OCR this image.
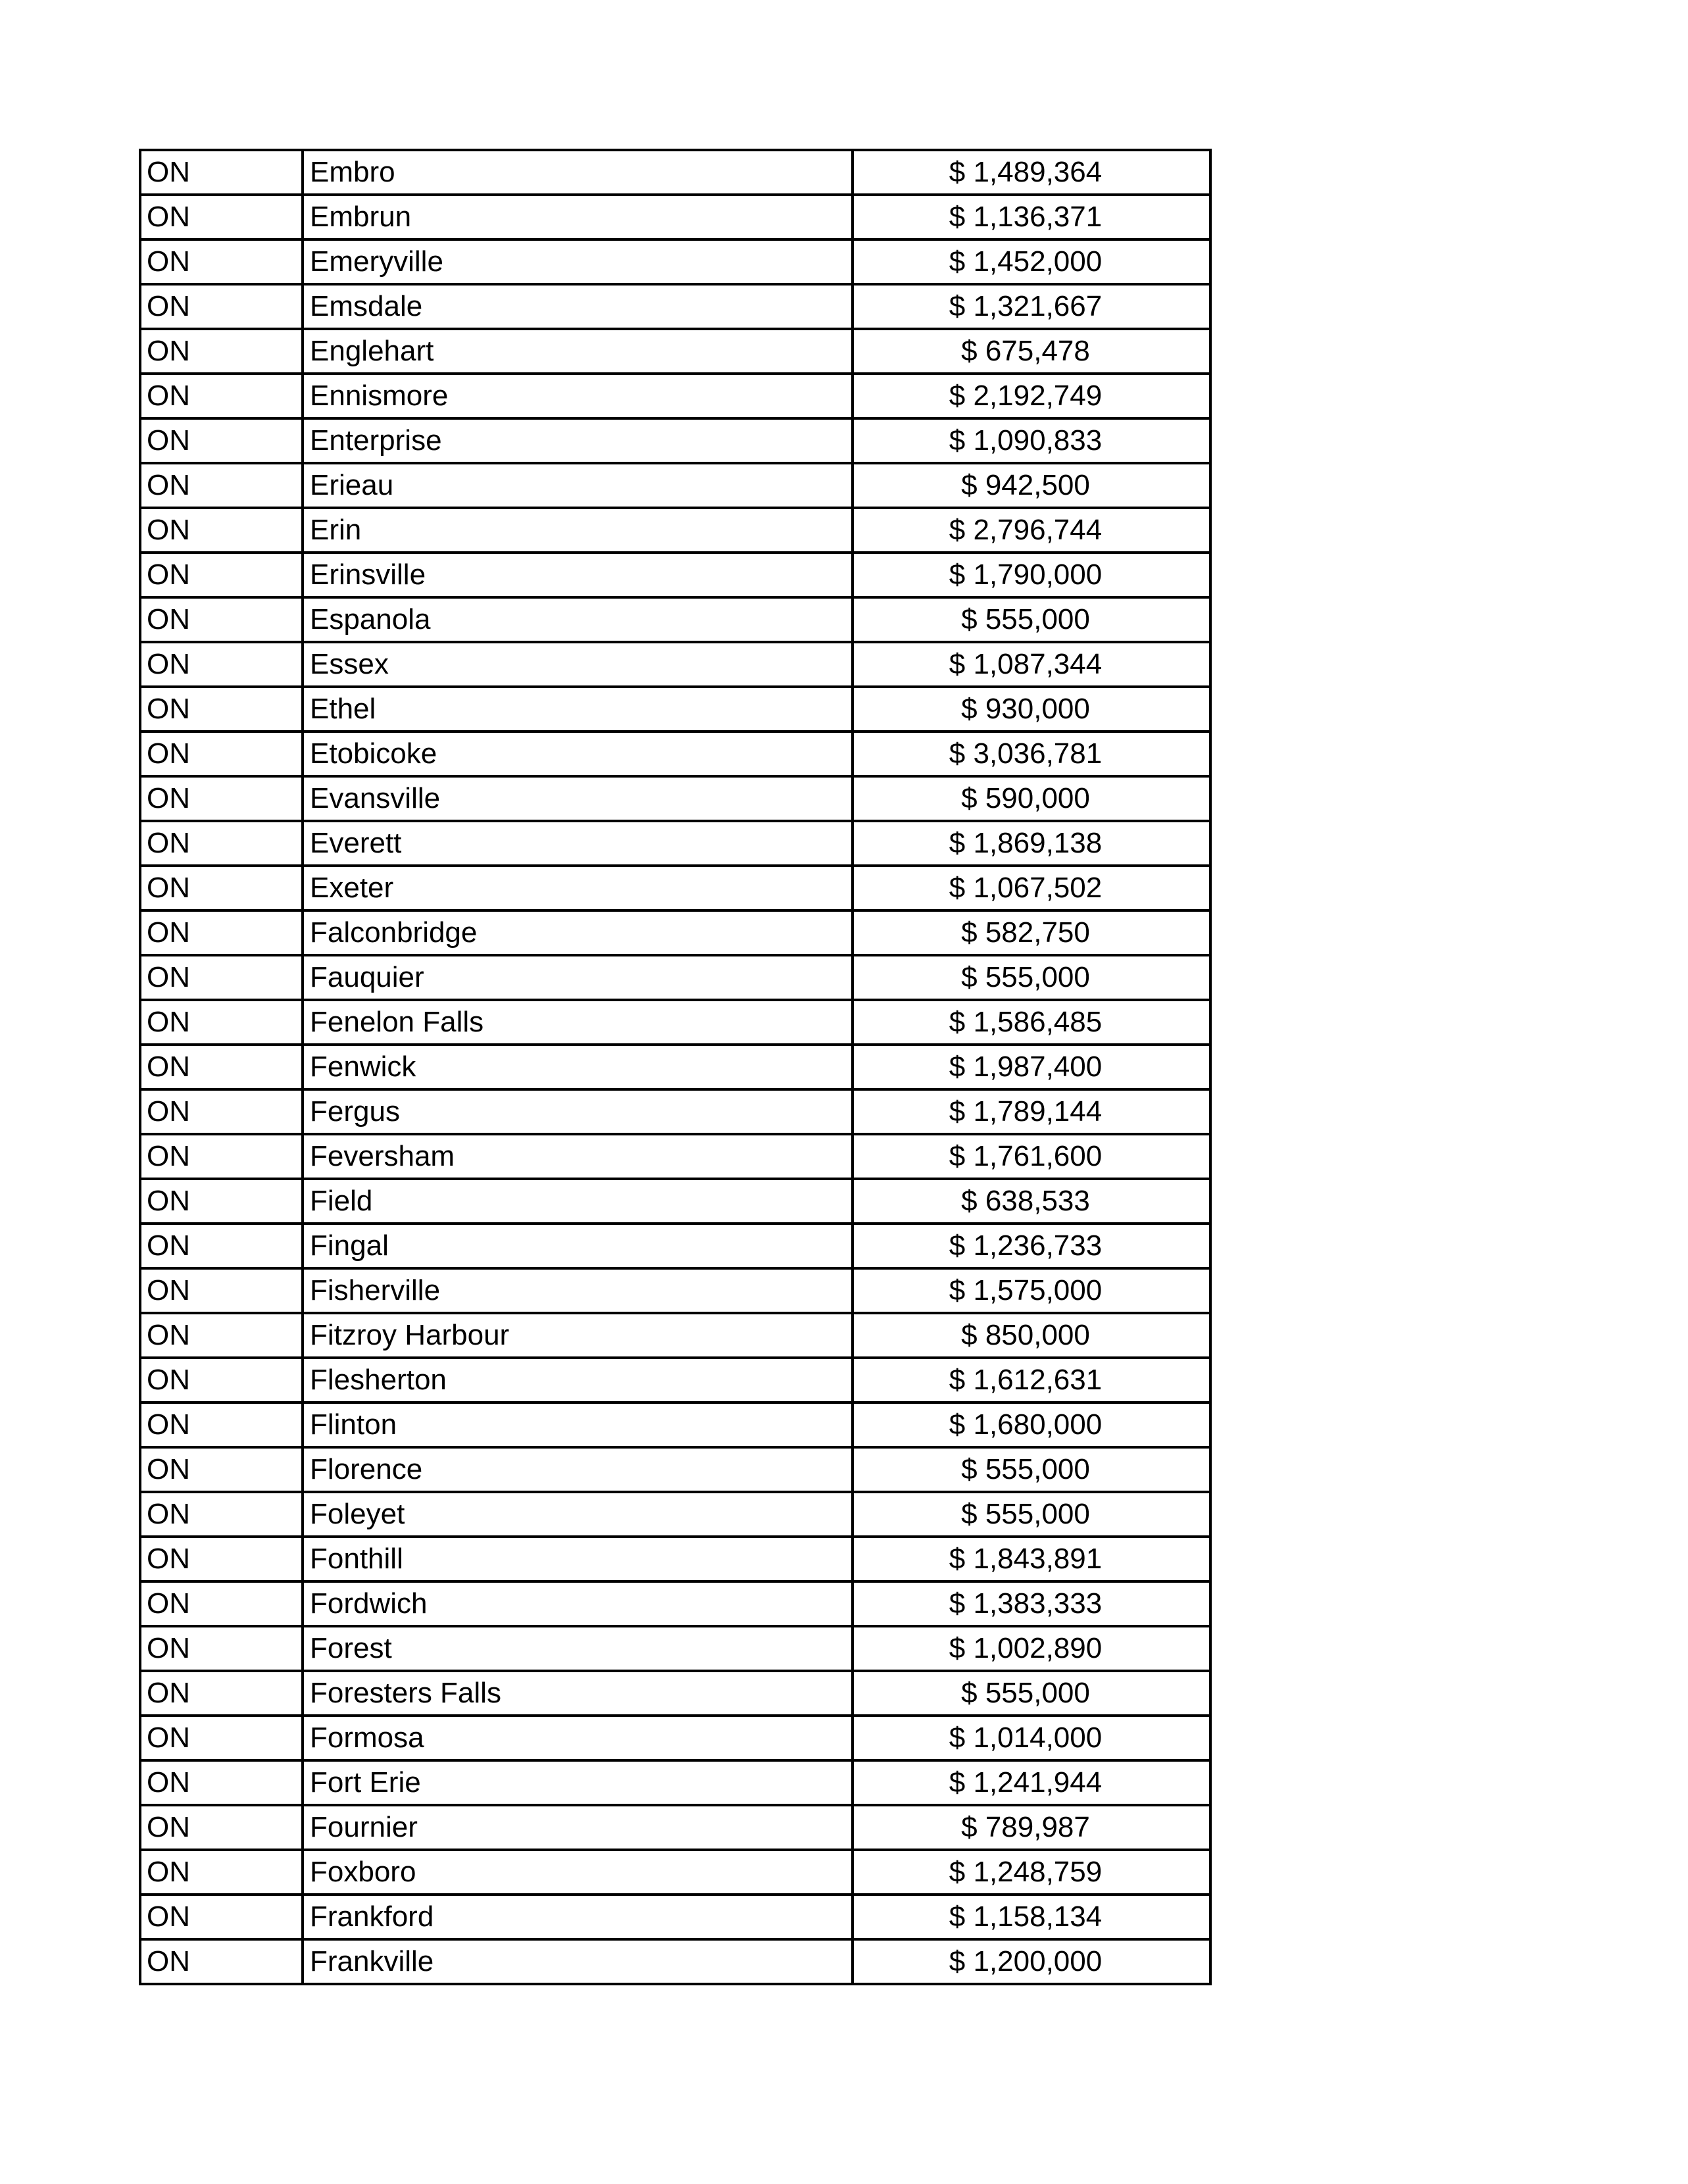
ON	Embro	$ 1,489,364
ON	Embrun	$ 1,136,371
ON	Emeryville	$ 1,452,000
ON	Emsdale	$ 1,321,667
ON	Englehart	$ 675,478
ON	Ennismore	$ 2,192,749
ON	Enterprise	$ 1,090,833
ON	Erieau	$ 942,500
ON	Erin	$ 2,796,744
ON	Erinsville	$ 1,790,000
ON	Espanola	$ 555,000
ON	Essex	$ 1,087,344
ON	Ethel	$ 930,000
ON	Etobicoke	$ 3,036,781
ON	Evansville	$ 590,000
ON	Everett	$ 1,869,138
ON	Exeter	$ 1,067,502
ON	Falconbridge	$ 582,750
ON	Fauquier	$ 555,000
ON	Fenelon Falls	$ 1,586,485
ON	Fenwick	$ 1,987,400
ON	Fergus	$ 1,789,144
ON	Feversham	$ 1,761,600
ON	Field	$ 638,533
ON	Fingal	$ 1,236,733
ON	Fisherville	$ 1,575,000
ON	Fitzroy Harbour	$ 850,000
ON	Flesherton	$ 1,612,631
ON	Flinton	$ 1,680,000
ON	Florence	$ 555,000
ON	Foleyet	$ 555,000
ON	Fonthill	$ 1,843,891
ON	Fordwich	$ 1,383,333
ON	Forest	$ 1,002,890
ON	Foresters Falls	$ 555,000
ON	Formosa	$ 1,014,000
ON	Fort Erie	$ 1,241,944
ON	Fournier	$ 789,987
ON	Foxboro	$ 1,248,759
ON	Frankford	$ 1,158,134
ON	Frankville	$ 1,200,000
